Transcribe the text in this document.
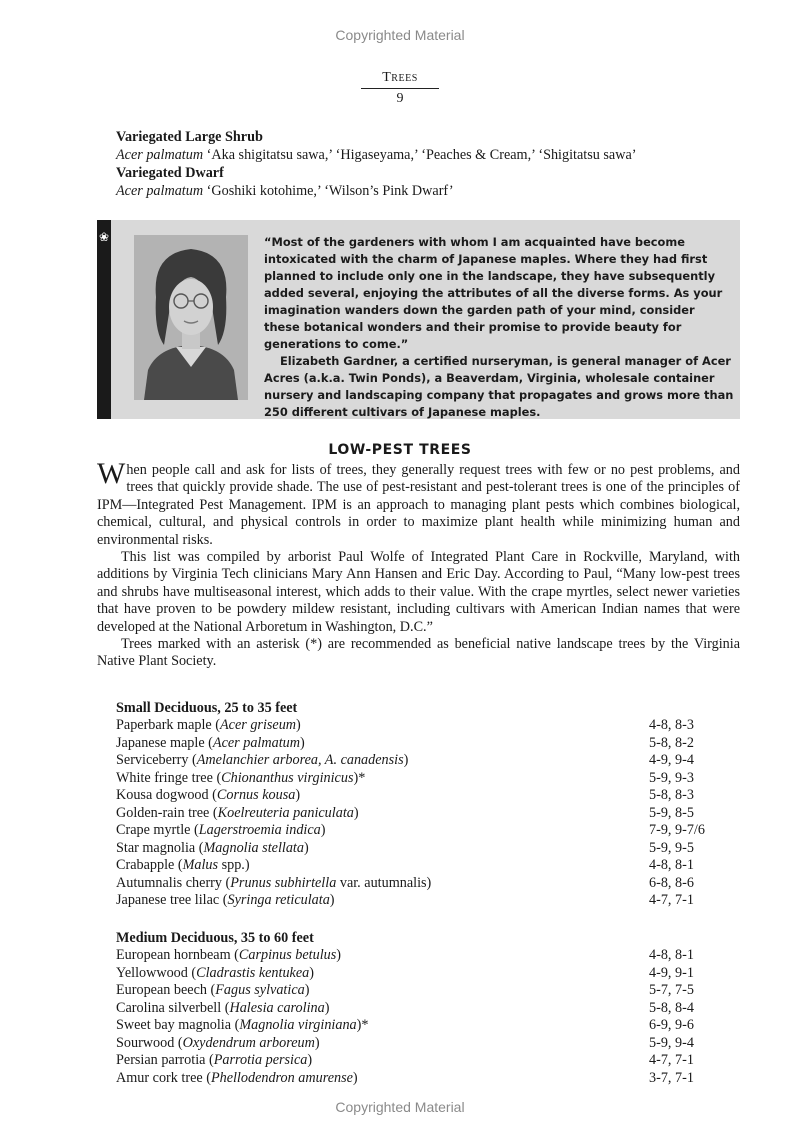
Copyrighted Material
Trees
9
Variegated Large Shrub
Acer palmatum ‘Aka shigitatsu sawa,’ ‘Higaseyama,’ ‘Peaches & Cream,’ ‘Shigitatsu sawa’
Variegated Dwarf
Acer palmatum ‘Goshiki kotohime,’ ‘Wilson’s Pink Dwarf’
❀	“Most of the gardeners with whom I am acquainted have become intoxicated with the charm of Japanese maples. Where they had first planned to include only one in the landscape, they have subsequently added several, enjoying the attributes of all the diverse forms. As your imagination wanders down the garden path of your mind, consider these botanical wonders and their promise to provide beauty for generations to come.”

Elizabeth Gardner, a certified nurseryman, is general manager of Acer Acres (a.k.a. Twin Ponds), a Beaverdam, Virginia, wholesale container nursery and landscaping company that propagates and grows more than 250 different cultivars of Japanese maples.

LOW-PEST TREES

When people call and ask for lists of trees, they generally request trees with few or no pest problems, and trees that quickly provide shade. The use of pest-resistant and pest-tolerant trees is one of the principles of IPM—Integrated Pest Management. IPM is an approach to managing plant pests which combines biological, chemical, cultural, and physical controls in order to maximize plant health while minimizing human and environmental risks.

This list was compiled by arborist Paul Wolfe of Integrated Plant Care in Rockville, Maryland, with additions by Virginia Tech clinicians Mary Ann Hansen and Eric Day. According to Paul, “Many low-pest trees and shrubs have multiseasonal interest, which adds to their value. With the crape myrtles, select newer varieties that have proven to be powdery mildew resistant, including cultivars with American Indian names that were developed at the National Arboretum in Washington, D.C.”

Trees marked with an asterisk (*) are recommended as beneficial native landscape trees by the Virginia Native Plant Society.

Small Deciduous, 25 to 35 feet
Paperbark maple (Acer griseum)	4-8, 8-3
Japanese maple (Acer palmatum)	5-8, 8-2
Serviceberry (Amelanchier arborea, A. canadensis)	4-9, 9-4
White fringe tree (Chionanthus virginicus)*	5-9, 9-3
Kousa dogwood (Cornus kousa)	5-8, 8-3
Golden-rain tree (Koelreuteria paniculata)	5-9, 8-5
Crape myrtle (Lagerstroemia indica)	7-9, 9-7/6
Star magnolia (Magnolia stellata)	5-9, 9-5
Crabapple (Malus spp.)	4-8, 8-1
Autumnalis cherry (Prunus subhirtella var. autumnalis)	6-8, 8-6
Japanese tree lilac (Syringa reticulata)	4-7, 7-1
Medium Deciduous, 35 to 60 feet
European hornbeam (Carpinus betulus)	4-8, 8-1
Yellowwood (Cladrastis kentukea)	4-9, 9-1
European beech (Fagus sylvatica)	5-7, 7-5
Carolina silverbell (Halesia carolina)	5-8, 8-4
Sweet bay magnolia (Magnolia virginiana)*	6-9, 9-6
Sourwood (Oxydendrum arboreum)	5-9, 9-4
Persian parrotia (Parrotia persica)	4-7, 7-1
Amur cork tree (Phellodendron amurense)	3-7, 7-1
Copyrighted Material
